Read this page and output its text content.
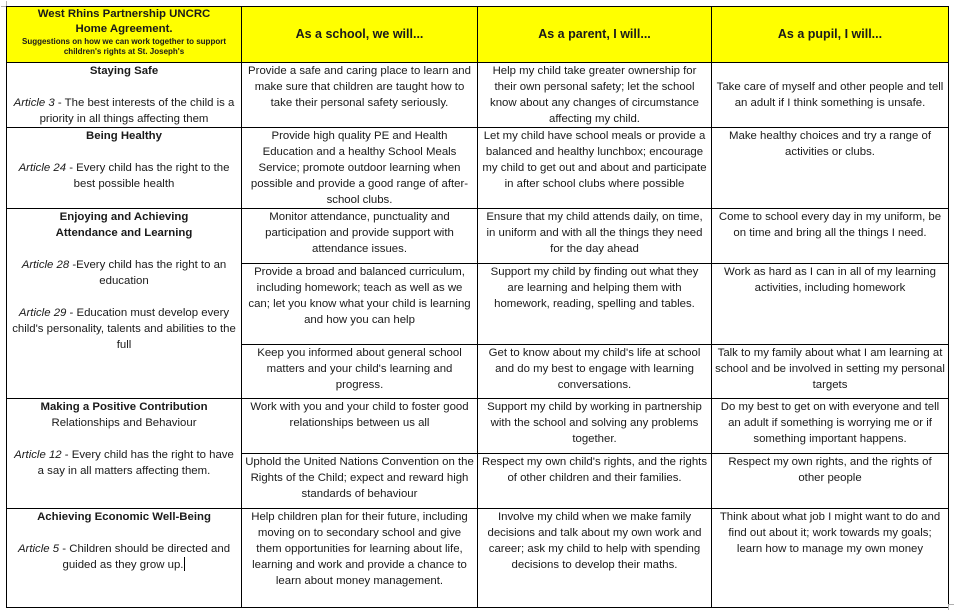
West Rhins Partnership UNCRC
Home Agreement.
Suggestions on how we can work together to support children's rights at St. Joseph's	As a school, we will...	As a parent, I will...	As a pupil, I will...

Staying Safe
Article 3 - The best interests of the child is a priority in all things affecting them	Provide a safe and caring place to learn and make sure that children are taught how to take their personal safety seriously.	Help my child take greater ownership for their own personal safety; let the school know about any changes of circumstance affecting my child.	Take care of myself and other people and tell an adult if I think something is unsafe.

Being Healthy
Article 24 - Every child has the right to the best possible health	Provide high quality PE and Health Education and a healthy School Meals Service; promote outdoor learning when possible and provide a good range of after-school clubs.	Let my child have school meals or provide a balanced and healthy lunchbox; encourage my child to get out and about and participate in after school clubs where possible	Make healthy choices and try a range of activities or clubs.

Enjoying and Achieving
Attendance and Learning
Article 28 -Every child has the right to an education
Article 29 - Education must develop every child's personality, talents and abilities to the full	Monitor attendance, punctuality and participation and provide support with attendance issues.	Ensure that my child attends daily, on time, in uniform and with all the things they need for the day ahead	Come to school every day in my uniform, be on time and bring all the things I need.
	Provide a broad and balanced curriculum, including homework; teach as well as we can; let you know what your child is learning and how you can help	Support my child by finding out what they are learning and helping them with homework, reading, spelling and tables.	Work as hard as I can in all of my learning activities, including homework
	Keep you informed about general school matters and your child's learning and progress.	Get to know about my child's life at school and do my best to engage with learning conversations.	Talk to my family about what I am learning at school and be involved in setting my personal targets

Making a Positive Contribution
Relationships and Behaviour
Article 12 - Every child has the right to have a say in all matters affecting them.	Work with you and your child to foster good relationships between us all	Support my child by working in partnership with the school and solving any problems together.	Do my best to get on with everyone and tell an adult if something is worrying me or if something important happens.
	Uphold the United Nations Convention on the Rights of the Child; expect and reward high standards of behaviour	Respect my own child's rights, and the rights of other children and their families.	Respect my own rights, and the rights of other people

Achieving Economic Well-Being
Article 5 - Children should be directed and guided as they grow up.	Help children plan for their future, including moving on to secondary school and give them opportunities for learning about life, learning and work and provide a chance to learn about money management.	Involve my child when we make family decisions and talk about my own work and career; ask my child to help with spending decisions to develop their maths.	Think about what job I might want to do and find out about it; work towards my goals; learn how to manage my own money
